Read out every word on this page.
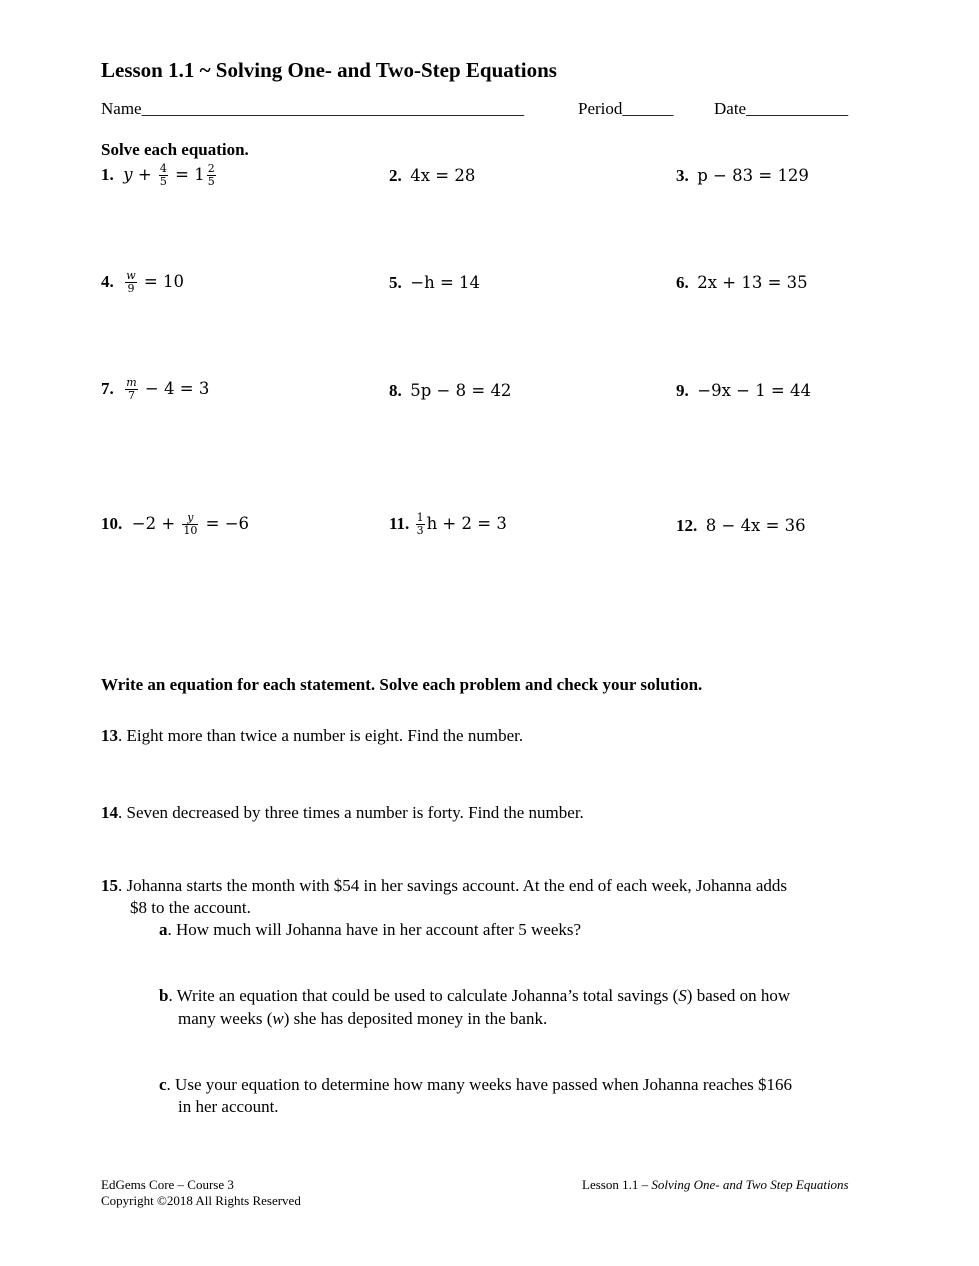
Lesson 1.1 ~ Solving One- and Two-Step Equations
Name_____________________________________________	Period______ Date____________
Solve each equation.
1. $y + \frac{4}{5} = 1 \frac{2}{5}$	2. 4x = 28	3. p − 83 = 129
4. $\frac{w}{9} = 10$	5. −h = 14	6. 2x + 13 = 35
7. $\frac{m}{7} - 4 = 3$	8. 5p − 8 = 42	9. −9x − 1 = 44
10. $-2 + \frac{y}{10} = -6$	11. $\frac{1}{3}$ h + 2 = 3	12. 8 − 4x = 36
Write an equation for each statement. Solve each problem and check your solution.
13. Eight more than twice a number is eight. Find the number.
14. Seven decreased by three times a number is forty. Find the number.
15. Johanna starts the month with $54 in her savings account. At the end of each week, Johanna adds
$8 to the account.
a. How much will Johanna have in her account after 5 weeks?
b. Write an equation that could be used to calculate Johanna’s total savings (S) based on how
many weeks (w) she has deposited money in the bank.
c. Use your equation to determine how many weeks have passed when Johanna reaches $166
in her account.
EdGems Core – Course 3
Copyright ©2018 All Rights Reserved
Lesson 1.1 – Solving One- and Two Step Equations
